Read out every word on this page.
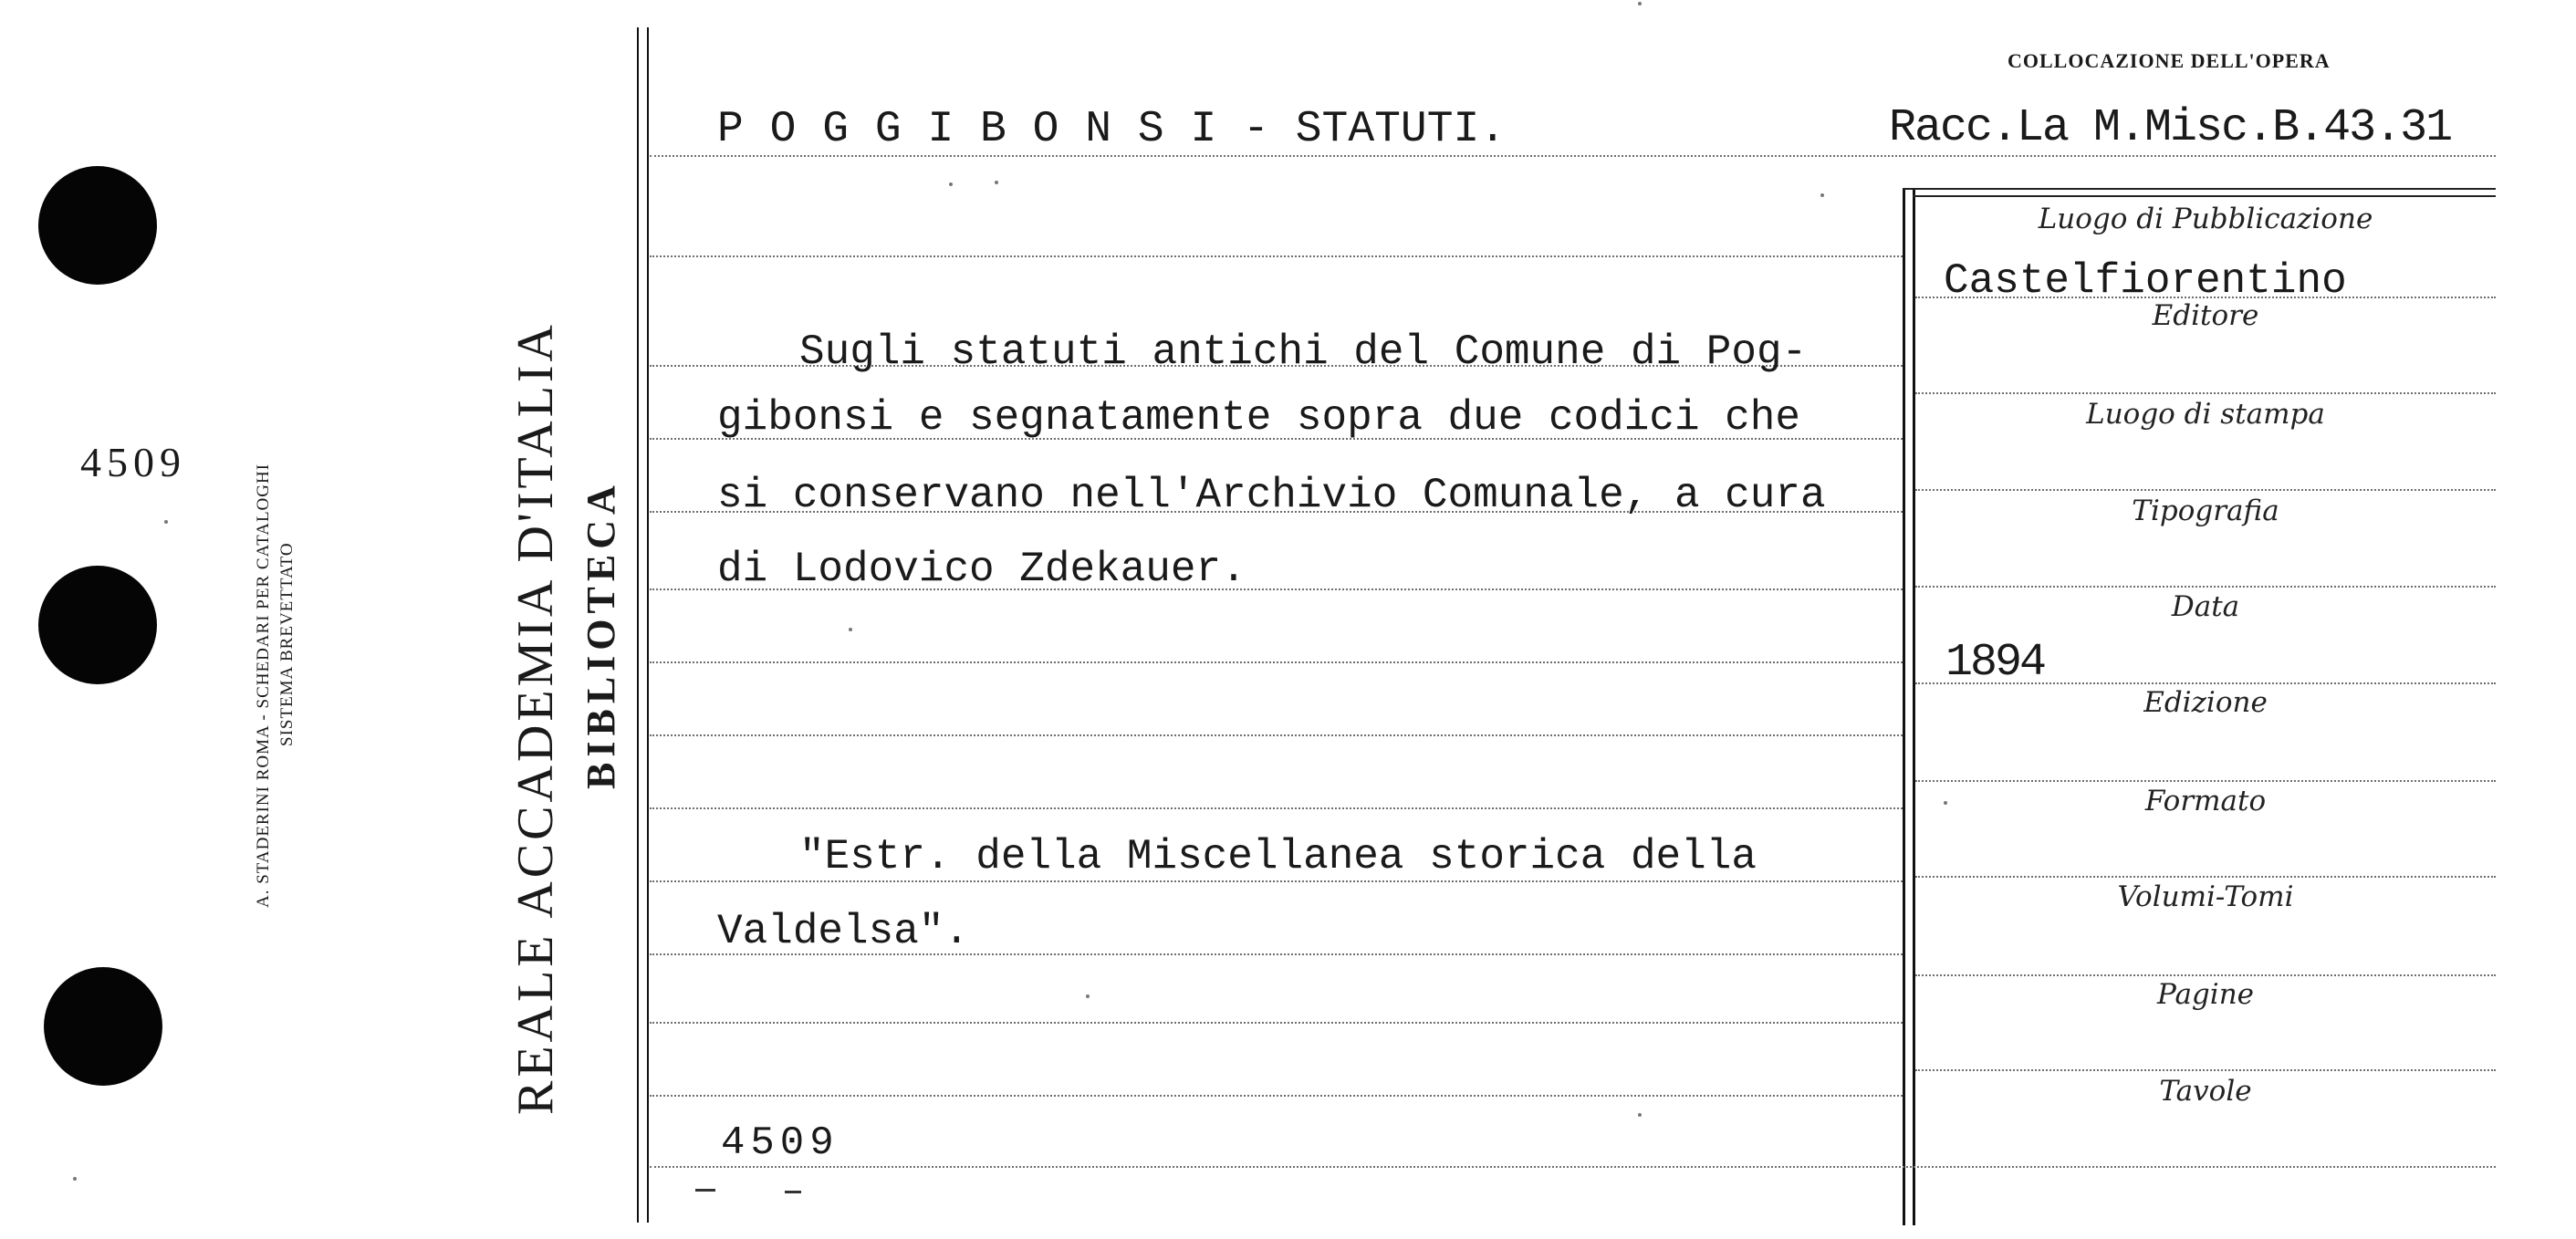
4509
A. STADERINI ROMA - SCHEDARI PER CATALOGHI SISTEMA BREVETTATO	REALE ACCADEMIA D'ITALIA BIBLIOTECA
COLLOCAZIONE DELL'OPERA
P O G G I B O N S I - STATUTI.	Racc.La M.Misc.B.43.31
Sugli statuti antichi del Comune di Pog-
gibonsi e segnatamente sopra due codici che
si conservano nell'Archivio Comunale, a cura
di Lodovico Zdekauer.
"Estr. della Miscellanea storica della
Valdelsa".
4509
Luogo di Pubblicazione
Castelfiorentino
Editore
Luogo di stampa
Tipografia
Data
1894
Edizione
Formato
Volumi-Tomi
Pagine
Tavole
